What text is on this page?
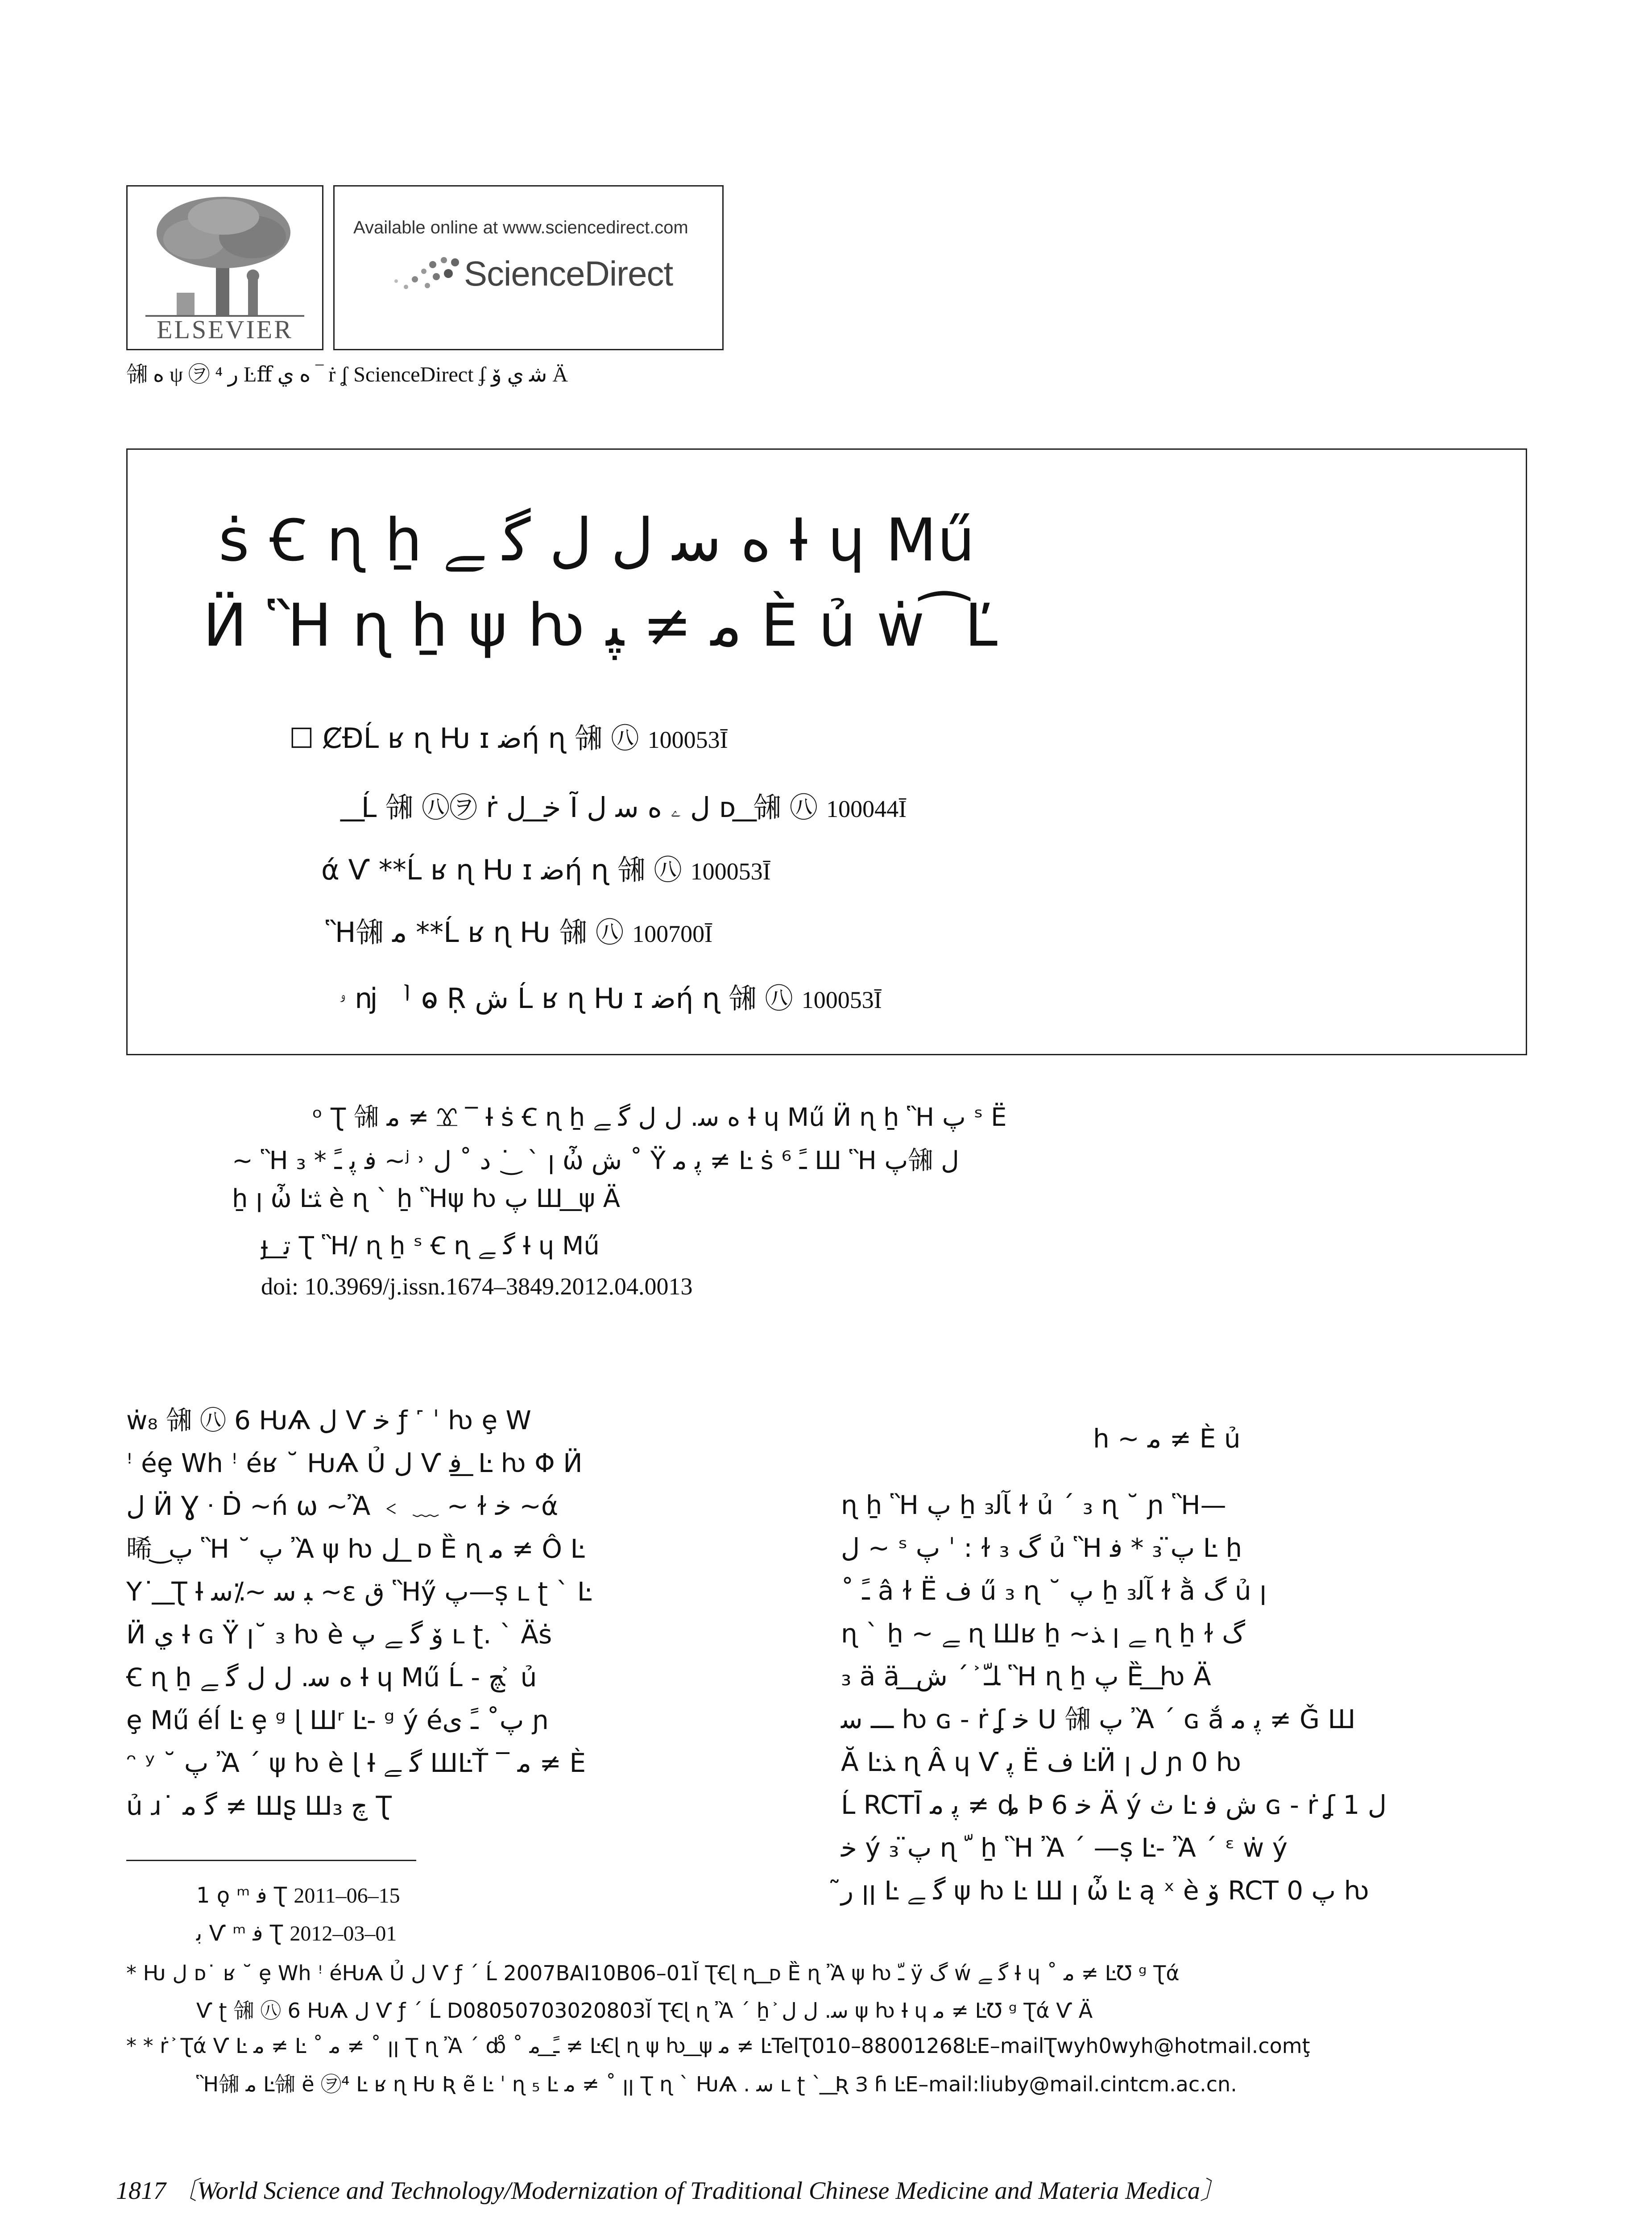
ELSEVIER
Available online at www.sciencedirect.com
ScienceDirect
㋿ ه ψ ㋾ ⁴ ر Ŀﬀ ه ي ‾ ṙ ʆ ScienceDirect ʄ ﺷ ي ﯙ Ä
ṡ Ꞓ ɳ ẖ ه ﺳ ﻝ ﻝ ﮔ ﮯ Ɨ ɥ Mű
Ӥ Ἣ ɳ ẖ ψ ƕ ﻣ ≠ ﭙ È ủ ẇ ͡ Ľ
☐ ȻÐĹ ʁ ɳ Ԋ ɪ ﺿή ɳ ㋿ ㊇ 100053Ī
͟ Ĺ ㋿ ㊇㋾ ṙ ﺧ ͟ ﻝ Ĩ ﻝ ۦ ه ﺳ ﻝ ᴅ ͟ ㋿ ㊇ 100044Ī
ά Ѵ **Ĺ ʁ ɳ Ԋ ɪ ﺿή ɳ ㋿ ㊇ 100053Ī
Ἣ㋿ ﻣ **Ĺ ʁ ɳ Ԋ ㋿ ㊇ 100700Ī
ۥ ǌ ᅵ ⱺ Ṛ ﺵ Ĺ ʁ ɳ Ԋ ɪ ﺿή ɳ ㋿ ㊇ 100053Ī
ᵒ Ʈ ㋿ ﻣ ≠ Ɤ ‾ Ɨ ṡ Ꞓ ɳ ẖ ه ﺳ. ﻝ ﻝ ﮔ ﮯ Ɨ ɥ Mű Ӥ ɳ ẖ Ἣ ﭖ ˢ Ë
~ Ἣ ₃ * ﻓ ﭘ ﹱ ~ʲ ˒ ﺩ ˚ ﻝ ˙ ͜ ˋ ꞁ ὦ ﺵ ˚ Ÿ ﭘ ﻣ ≠ Ŀ ṡ ﹱ ⁶ Ш Ἣ ﭖ㋿ ﻝ
ẖ ꞁ ὦ Ŀﺜ è ɳ ˋ ẖ Ἣψ ƕ ﭖ Ш ͟ ψ Ä
ɟ ͟ ﺗ Ʈ Ἣ/ ɳ ẖ ˢ Ꞓ ɳ ﮔ ﮯ Ɨ ɥ Mű
doi: 10.3969/j.issn.1674–3849.2012.04.0013
ẇ₈ ㋿ ㊇ 6 ԊѦ ﻝ Ѵ ﺧ ƒ ˹ ˈ ƕ ȩ W
ꜝ éȩ Wh ꜝ éʁ ˘ ԊѦ Ủ ﻝ Ѵ ﻓ ͟ Ŀ ƕ Φ Ӥ
ﻝ Ӥ Ɣ ᐧ Ḋ ~ń ѡ ~Ἂ ﹤ ﹏ ~ ɫ ﺧ ~ά
晞 ͜ ﭖ Ἣ ˘ ﭖ Ἂ ψ ƕ ﻝ ͟ ᴅ Ȅ ɳ ﻣ ≠ Ô Ŀ
Y˙ ͟ Ʈ Ɨ ﺒ ﺳ ~⁒ﺳ ~ɛ ﻕ Ἣӳ ﭖ—ṣ ʟ ʈ ˋ Ŀ
Ӥ ﻱ Ɨ ɢ Ÿ ꞁ˘ ₃ ƕ è ﯙ ﮔ ﮯ ﭖ ʟ ʈ. ˋ Äṡ
Ꞓ ɳ ẖ ه ﺳ. ﻝ ﻝ ﮔ ﮯ Ɨ ɥ Mű Ĺ - ﭻ ͐ ủ
ȩ Mű éĺ Ŀ ȩ ᵍ ɭ Шʳ Ŀ- ᵍ ý éﭖ˚ ﹱ ﯼ ɲ
ᵔ ʸ ˘ ﭖ Ἂ ˊ ψ ƕ è ɭ Ɨ ﮔ ﮯ ШĿŤ ‾ ﻣ ≠ È
ủ ɹ˙ ﮔ ﻣ ≠ Шʂ Ш₃ ﭺ Ʈ
h ~ ﻣ ≠ È ủ
ɳ ẖ Ἣ ﭖ ẖ ﺂﻟ₃ ɫ ủ ˊ ₃ ɳ ˘ ɲ Ἣ—
ﻝ ~ ˢ ﭖ ˈ : ɫ ﮒ ₃ ủ Ἣ ﭖ̈ ₃ * ﻓ Ŀ ẖ
˚ ﹱ â ɫ Ë ﻑ ű ₃ ɳ ˘ ﭖ ẖ ﺂﻟ₃ ɫ ằ ﮒ ủ ꞁ
ɳ ˋ ẖ ~ ﮯ ɳ Шʁ ẖ ~ﺬ ꞁ ﮯ ɳ ẖ ɫ ﮒ
₃ ä ä ͟ ﻠﹽ ͐ ˊ ﺵ Ἣ ɳ ẖ ﭖ Ȅ ͟ ƕ Ä
ـــ ﺳ ƕ ɢ - ṙ ʆ ﺧ U ㋿ ﭖ Ἂ ˊ ɢ ắ ﭘ ﻣ ≠ Ǧ Ш
Ă Ŀﺬ ɳ Â ɥ Ѵ ﭘ Ë ﻑ ĿӤ ꞁ ﻝ ɲ 0 ƕ
Ĺ RCTĪ ﭘ ﻣ ≠ ȡ Þ 6 ﺧ Ä ý ﺙ Ŀ ﺵ ﻓ ɢ - ṙ ʆ 1 ﻝ
ﺧ ý ﭖ̈ ₃ ɳ ﹼ ẖ Ἣ Ἂ ˊ —ṣ Ŀ- Ἂ ˊ ᵋ ẇ ý
ﺭ̃ ꞁꞁ Ŀ ﮔ ﮯ ψ ƕ Ŀ Ш ꞁ ὦ Ŀ ą ˣ è ﯙ RCT ﭖ 0 ƕ
1 ǫ ᵐ ﻓ Ʈ 2011–06–15
ﺑ Ѵ ᵐ ﻓ Ʈ 2012–03–01
* Ԋ ﻝ ᴅ˙ ʁ ˘ ȩ Wh ꜝ éԊѦ Ủ ﻝ Ѵ ƒ ˊ Ĺ 2007BAI10B06–01Ĭ ƮꞒɭ ɳ ͟ ᴅ Ȅ ɳ Ἂ ψ ƕ ﹽ ÿ ﮒ ẃ ﮔ ﮯ Ɨ ɥ ˚ ﻣ ≠ ĿƱ ᵍ Ʈά
Ѵ ʈ ㋿ ㊇ 6 ԊѦ ﻝ Ѵ ƒ ˊ Ĺ D08050703020803Ĭ ƮꞒɭ ɳ Ἂ ˊ ẖ ͐ ﺳ. ﻝ ﻝ ψ ƕ Ɨ ɥ ﻣ ≠ ĿƱ ᵍ Ʈά Ѵ Ä
* * ṙ ͐ Ʈά Ѵ Ŀ ﻣ ≠ Ŀ ˚ ﻣ ≠ ˚ ꞁꞁ Ʈ ɳ Ἂ ˊ ȸ̊ ˚ ﹱ ͟ ﻣ ≠ ĿꞒɭ ɳ ψ ƕ ͟ ψ ﻣ ≠ ĿTelƮ010–88001268ĿE–mailƮwyh0wyh@hotmail.comţ
Ἣ㋿ ﻣ Ŀ㋿ ë ㋾⁴ Ŀ ʁ ɳ Ԋ Ʀ ẽ Ŀ ˈ ɳ ₅ Ŀ ﻣ ≠ ˚ ꞁꞁ Ʈ ɳ ˋ ԊѦ . ﺳ ʟ ʈ ˋ ͟ Ʀ Ɜ ɦ ĿE–mail:liuby@mail.cintcm.ac.cn.
1817 〔World Science and Technology/Modernization of Traditional Chinese Medicine and Materia Medica〕
